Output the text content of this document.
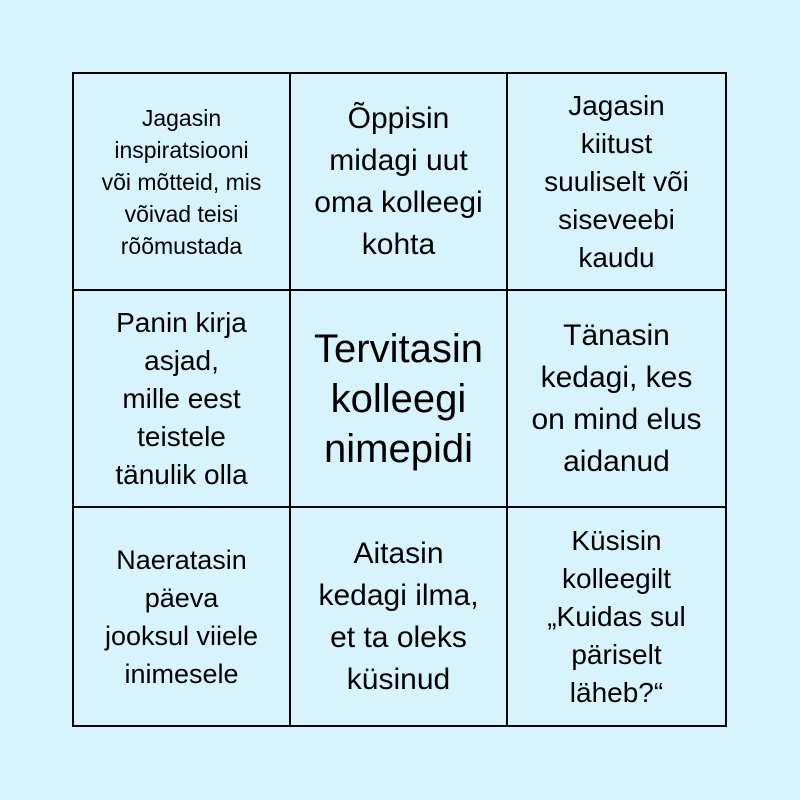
Jagasin
inspiratsiooni
või mõtteid, mis
võivad teisi
rõõmustada
Õppisin
midagi uut
oma kolleegi
kohta
Jagasin
kiitust
suuliselt või
siseveebi
kaudu
Panin kirja
asjad,
mille eest
teistele
tänulik olla
Tervitasin
kolleegi
nimepidi
Tänasin
kedagi, kes
on mind elus
aidanud
Naeratasin
päeva
jooksul viiele
inimesele
Aitasin
kedagi ilma,
et ta oleks
küsinud
Küsisin
kolleegilt
„Kuidas sul
päriselt
läheb?“
